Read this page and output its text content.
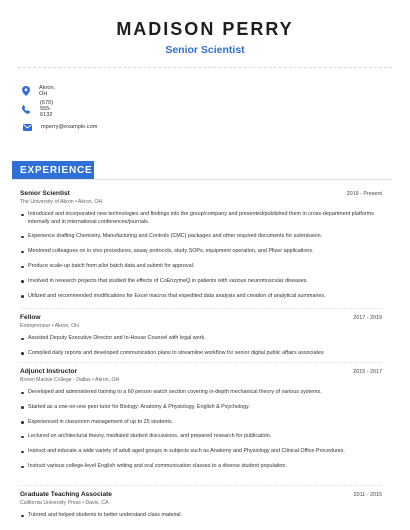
MADISON PERRY
Senior Scientist
Akron, OH
(670) 555-6132
mperry@example.com
EXPERIENCE
Senior Scientist	2019 - Present
The University of Akron • Akron, OH
Introduced and incorporated new technologies and findings into the group/company and presented/published them in cross-department platforms internally and in international conferences/journals.
Experience drafting Chemistry, Manufacturing and Controls (CMC) packages and other required documents for submission.
Mentored colleagues on in vivo procedures, assay protocols, study SOPs, equipment operation, and Pfizer applications.
Produce scale-up batch from pilot batch data and submit for approval.
Involved in research projects that studied the effects of CoEnzymeQ in patients with various neuromuscular diseases.
Utilized and recommended modifications for Excel macros that expedited data analysis and creation of analytical summaries.
Fellow	2017 - 2019
Entrepreneur • Akron, OH
Assisted Deputy Executive Director and In-House Counsel with legal work.
Compiled daily reports and developed communication plans to streamline workflow for senior digital public affairs associates
Adjunct Instructor	2015 - 2017
Brown Mackie College - Dallas • Akron, OH
Developed and administered training to a 60 person watch section covering in-depth mechanical theory of various systems.
Started as a one-on-one peer tutor for Biology: Anatomy & Physiology, English & Psychology.
Experienced in classroom management of up to 25 students.
Lectured on architectural theory, mediated student discussions, and prepared research for publication.
Instruct and educate a wide variety of adult aged groups in subjects such as Anatomy and Physiology and Clinical Office Procedures.
Instruct various college-level English writing and oral communication classes to a diverse student population.
Graduate Teaching Associate	2011 - 2015
California University Press • Davis, CA
Tutored and helped students to better understand class material.
